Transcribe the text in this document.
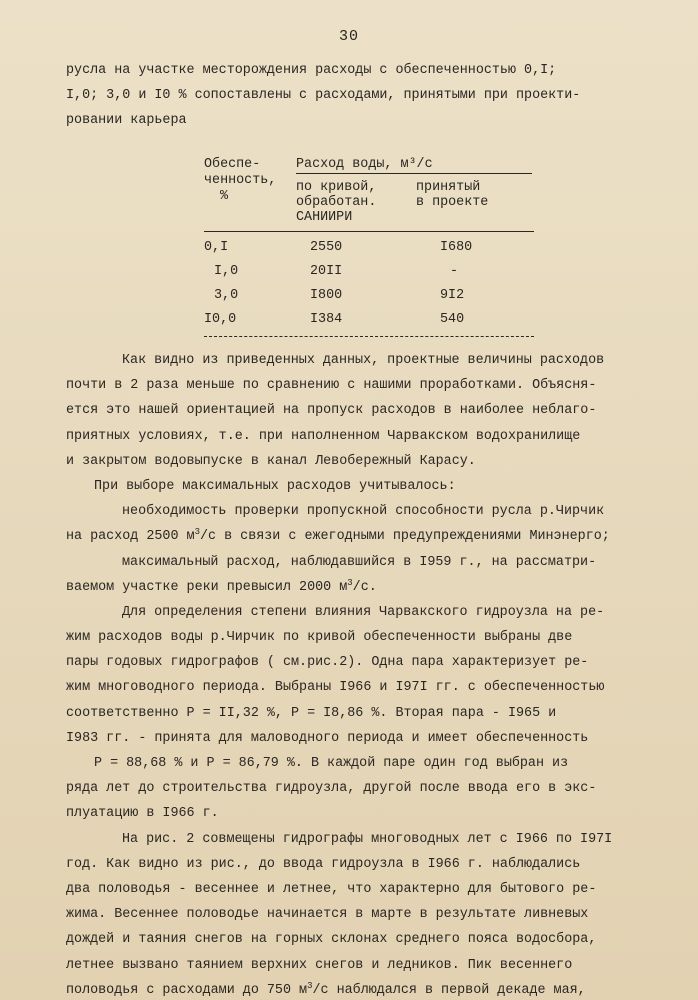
30
русла на участке месторождения расходы с обеспеченностью 0,I;
I,0; 3,0 и I0 % сопоставлены с расходами, принятыми при проекти-
ровании карьера
Обеспе-
ченность,
%
Расход воды, м³/с
по кривой,
обработан.
САНИИРИ
принятый
в проекте
0,I	2550	I680
I,0	20II	-
3,0	I800	9I2
I0,0	I384	540
Как видно из приведенных данных, проектные величины расходов
почти в 2 раза меньше по сравнению с нашими проработками. Объясня-
ется это нашей ориентацией на пропуск расходов в наиболее неблаго-
приятных условиях, т.е. при наполненном Чарвакском водохранилище
и закрытом водовыпуске в канал Левобережный Карасу.
При выборе максимальных расходов учитывалось:
необходимость проверки пропускной способности русла р.Чирчик
на расход 2500 $м^3/с$ в связи с ежегодными предупреждениями Минэнерго;
максимальный расход, наблюдавшийся в I959 г., на рассматри-
ваемом участке реки превысил 2000 $м^3/с$.
Для определения степени влияния Чарвакского гидроузла на ре-
жим расходов воды р.Чирчик по кривой обеспеченности выбраны две
пары годовых гидрографов ( см.рис.2). Одна пара характеризует ре-
жим многоводного периода. Выбраны I966 и I97I гг. с обеспеченностью
соответственно P = II,32 %, P = I8,86 %. Вторая пара - I965 и
I983 гг. - принята для маловодного периода и имеет обеспеченность
P = 88,68 % и P = 86,79 %. В каждой паре один год выбран из
ряда лет до строительства гидроузла, другой после ввода его в экс-
плуатацию в I966 г.
На рис. 2 совмещены гидрографы многоводных лет с I966 по I97I
год. Как видно из рис., до ввода гидроузла в I966 г. наблюдались
два половодья - весеннее и летнее, что характерно для бытового ре-
жима. Весеннее половодье начинается в марте в результате ливневых
дождей и таяния снегов на горных склонах среднего пояса водосбора,
летнее вызвано таянием верхних снегов и ледников. Пик весеннего
половодья с расходами до 750 $м^3/с$ наблюдался в первой декаде мая,
